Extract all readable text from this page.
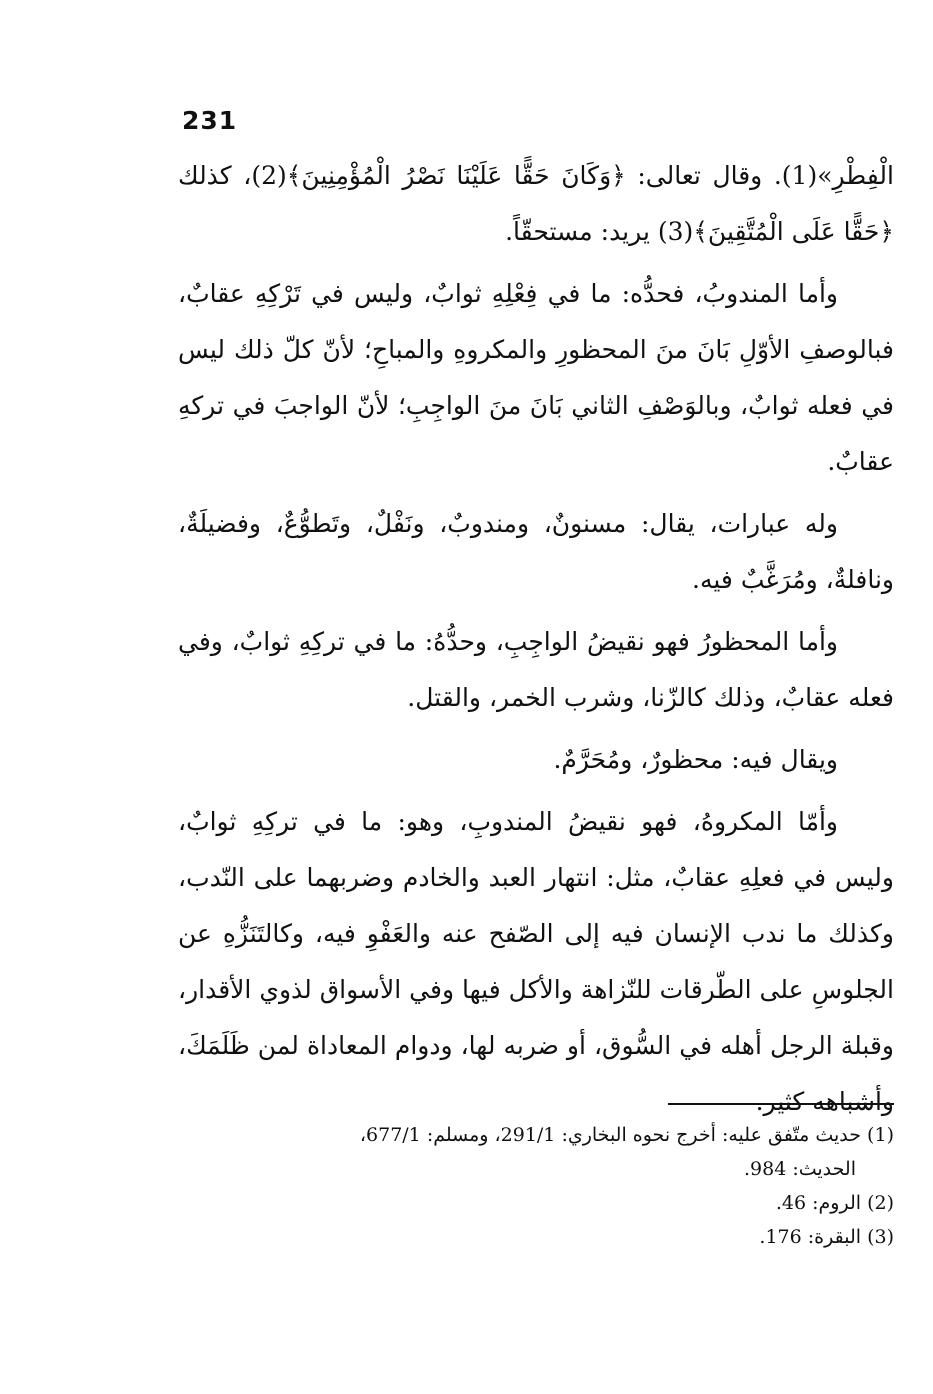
231

الْفِطْرِ»(1). وقال تعالى: ﴿وَكَانَ حَقًّا عَلَيْنَا نَصْرُ الْمُؤْمِنِينَ﴾(2)، كذلك ﴿حَقًّا عَلَى الْمُتَّقِينَ﴾(3) يريد: مستحقّاً.

وأما المندوبُ، فحدُّه: ما في فِعْلِهِ ثوابٌ، وليس في تَرْكِهِ عقابٌ، فبالوصفِ الأوّلِ بَانَ منَ المحظورِ والمكروهِ والمباحِ؛ لأنّ كلّ ذلك ليس في فعله ثوابٌ، وبالوَصْفِ الثاني بَانَ منَ الواجِبِ؛ لأنّ الواجبَ في تركهِ عقابٌ.

وله عبارات، يقال: مسنونٌ، ومندوبٌ، ونَفْلٌ، وتَطوُّعٌ، وفضيلَةٌ، ونافلةٌ، ومُرَغَّبٌ فيه.

وأما المحظورُ فهو نقيضُ الواجِبِ، وحدُّهُ: ما في تركِهِ ثوابٌ، وفي فعله عقابٌ، وذلك كالزّنا، وشرب الخمر، والقتل.

ويقال فيه: محظورٌ، ومُحَرَّمٌ.

وأمّا المكروهُ، فهو نقيضُ المندوبِ، وهو: ما في تركِهِ ثوابٌ، وليس في فعلِهِ عقابٌ، مثل: انتهار العبد والخادم وضربهما على النّدب، وكذلك ما ندب الإنسان فيه إلى الصّفح عنه والعَفْوِ فيه، وكالتَنَزُّهِ عن الجلوسِ على الطّرقات للنّزاهة والأكل فيها وفي الأسواق لذوي الأقدار، وقبلة الرجل أهله في السُّوق، أو ضربه لها، ودوام المعاداة لمن ظَلَمَكَ، وأشباهه كثير.

(1) حديث متّفق عليه: أخرج نحوه البخاري: 291/1، ومسلم: 677/1،

الحديث: 984.

(2) الروم: 46.

(3) البقرة: 176.
